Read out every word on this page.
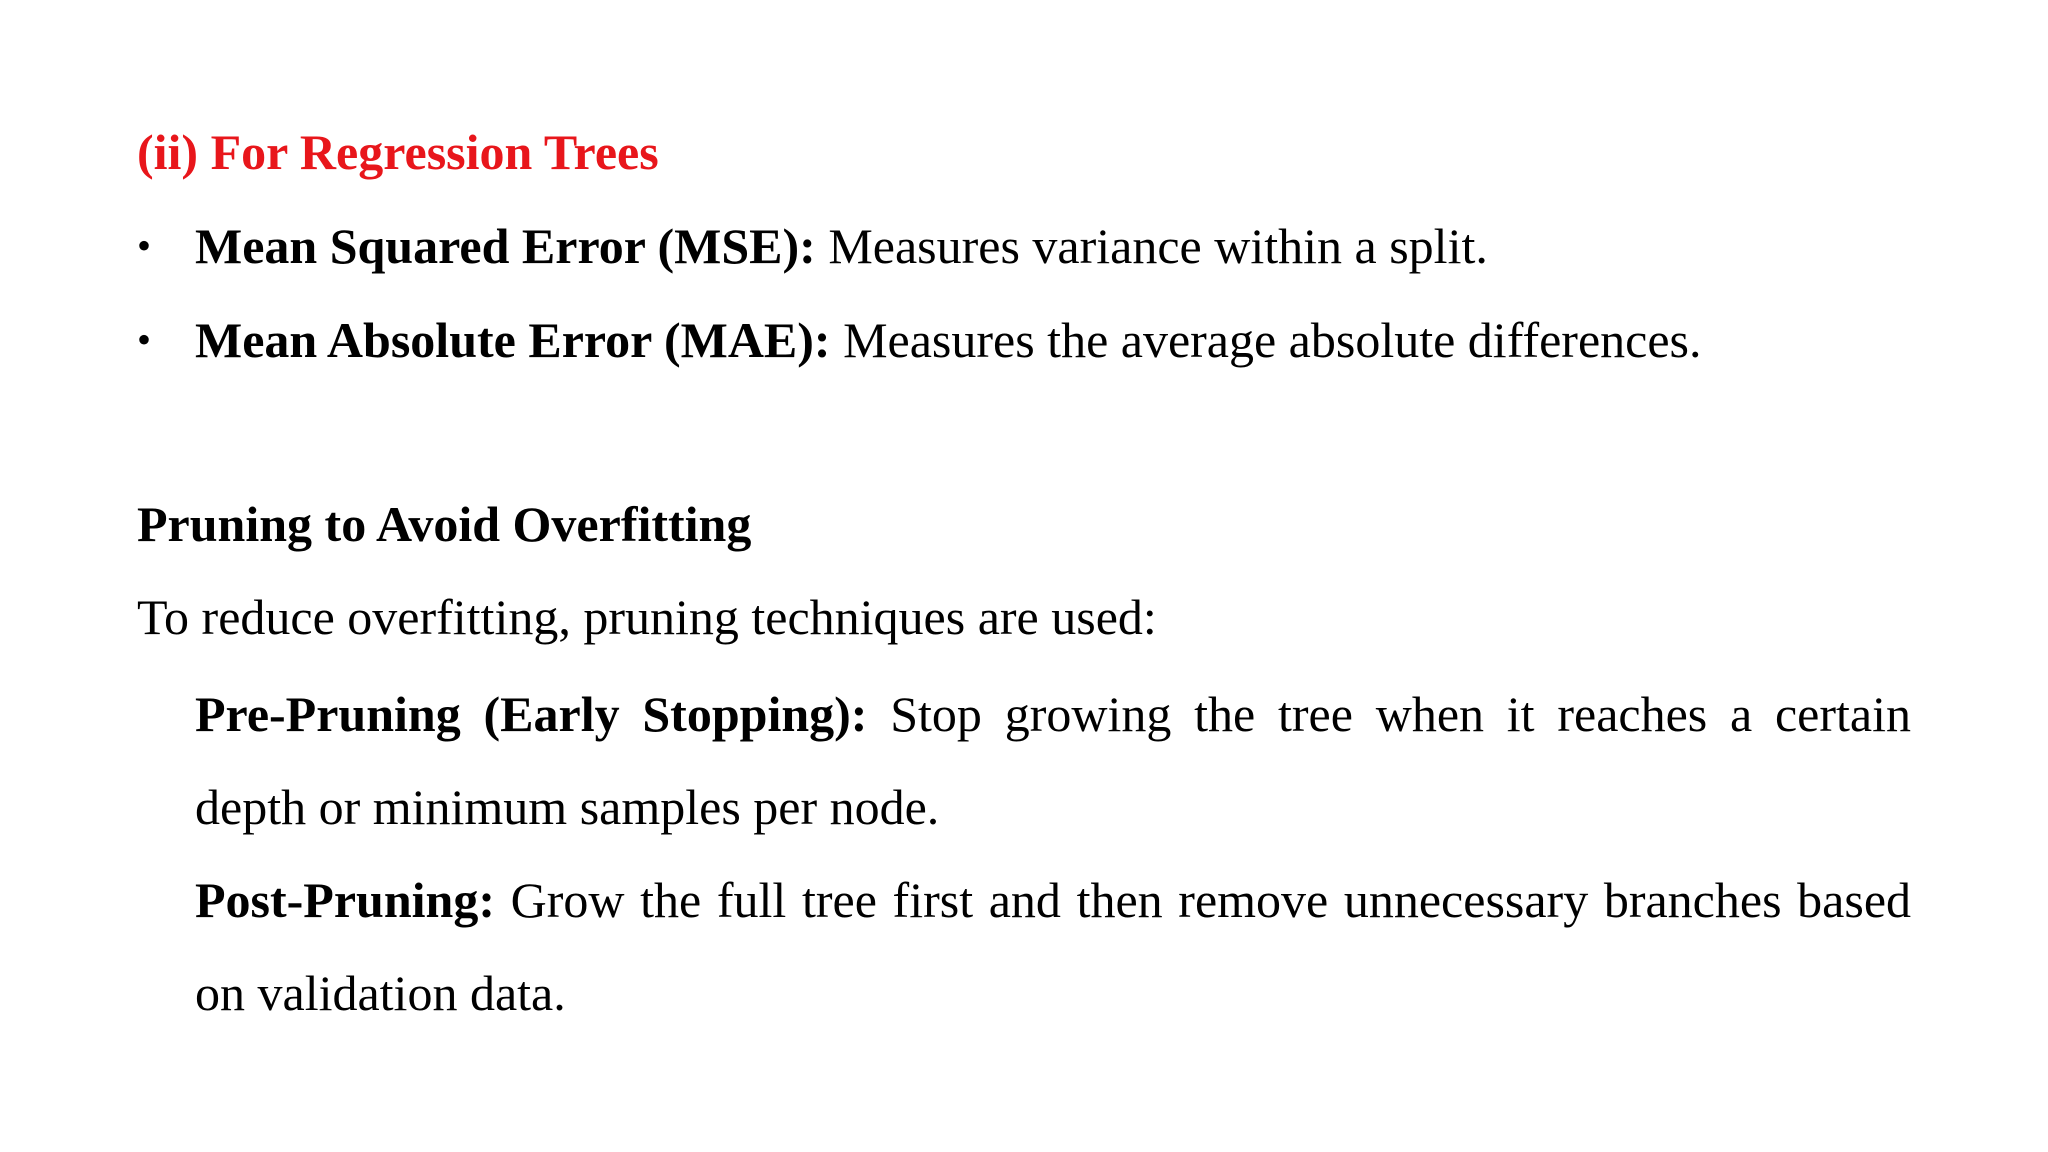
(ii) For Regression Trees
• Mean Squared Error (MSE): Measures variance within a split.
• Mean Absolute Error (MAE): Measures the average absolute differences.
Pruning to Avoid Overfitting
To reduce overfitting, pruning techniques are used:
Pre-Pruning (Early Stopping): Stop growing the tree when it reaches a certain depth or minimum samples per node.
Post-Pruning: Grow the full tree first and then remove unnecessary branches based on validation data.
